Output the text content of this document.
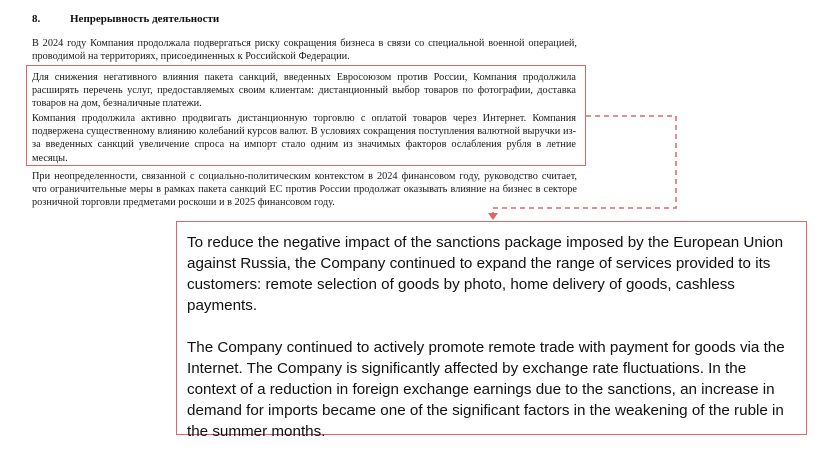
8.	Непрерывность деятельности

В 2024 году Компания продолжала подвергаться риску сокращения бизнеса в связи со специальной военной операцией, проводимой на территориях, присоединенных к Российской Федерации.

Для снижения негативного влияния пакета санкций, введенных Евросоюзом против России, Компания продолжила расширять перечень услуг, предоставляемых своим клиентам: дистанционный выбор товаров по фотографии, доставка товаров на дом, безналичные платежи.

Компания продолжила активно продвигать дистанционную торговлю с оплатой товаров через Интернет. Компания подвержена существенному влиянию колебаний курсов валют. В условиях сокращения поступления валютной выручки из-за введенных санкций увеличение спроса на импорт стало одним из значимых факторов ослабления рубля в летние месяцы.

При неопределенности, связанной с социально-политическим контекстом в 2024 финансовом году, руководство считает, что ограничительные меры в рамках пакета санкций ЕС против России продолжат оказывать влияние на бизнес в секторе розничной торговли предметами роскоши и в 2025 финансовом году.

To reduce the negative impact of the sanctions package imposed by the European Union against Russia, the Company continued to expand the range of services provided to its customers: remote selection of goods by photo, home delivery of goods, cashless payments.

The Company continued to actively promote remote trade with payment for goods via the Internet. The Company is significantly affected by exchange rate fluctuations. In the context of a reduction in foreign exchange earnings due to the sanctions, an increase in demand for imports became one of the significant factors in the weakening of the ruble in the summer months.
